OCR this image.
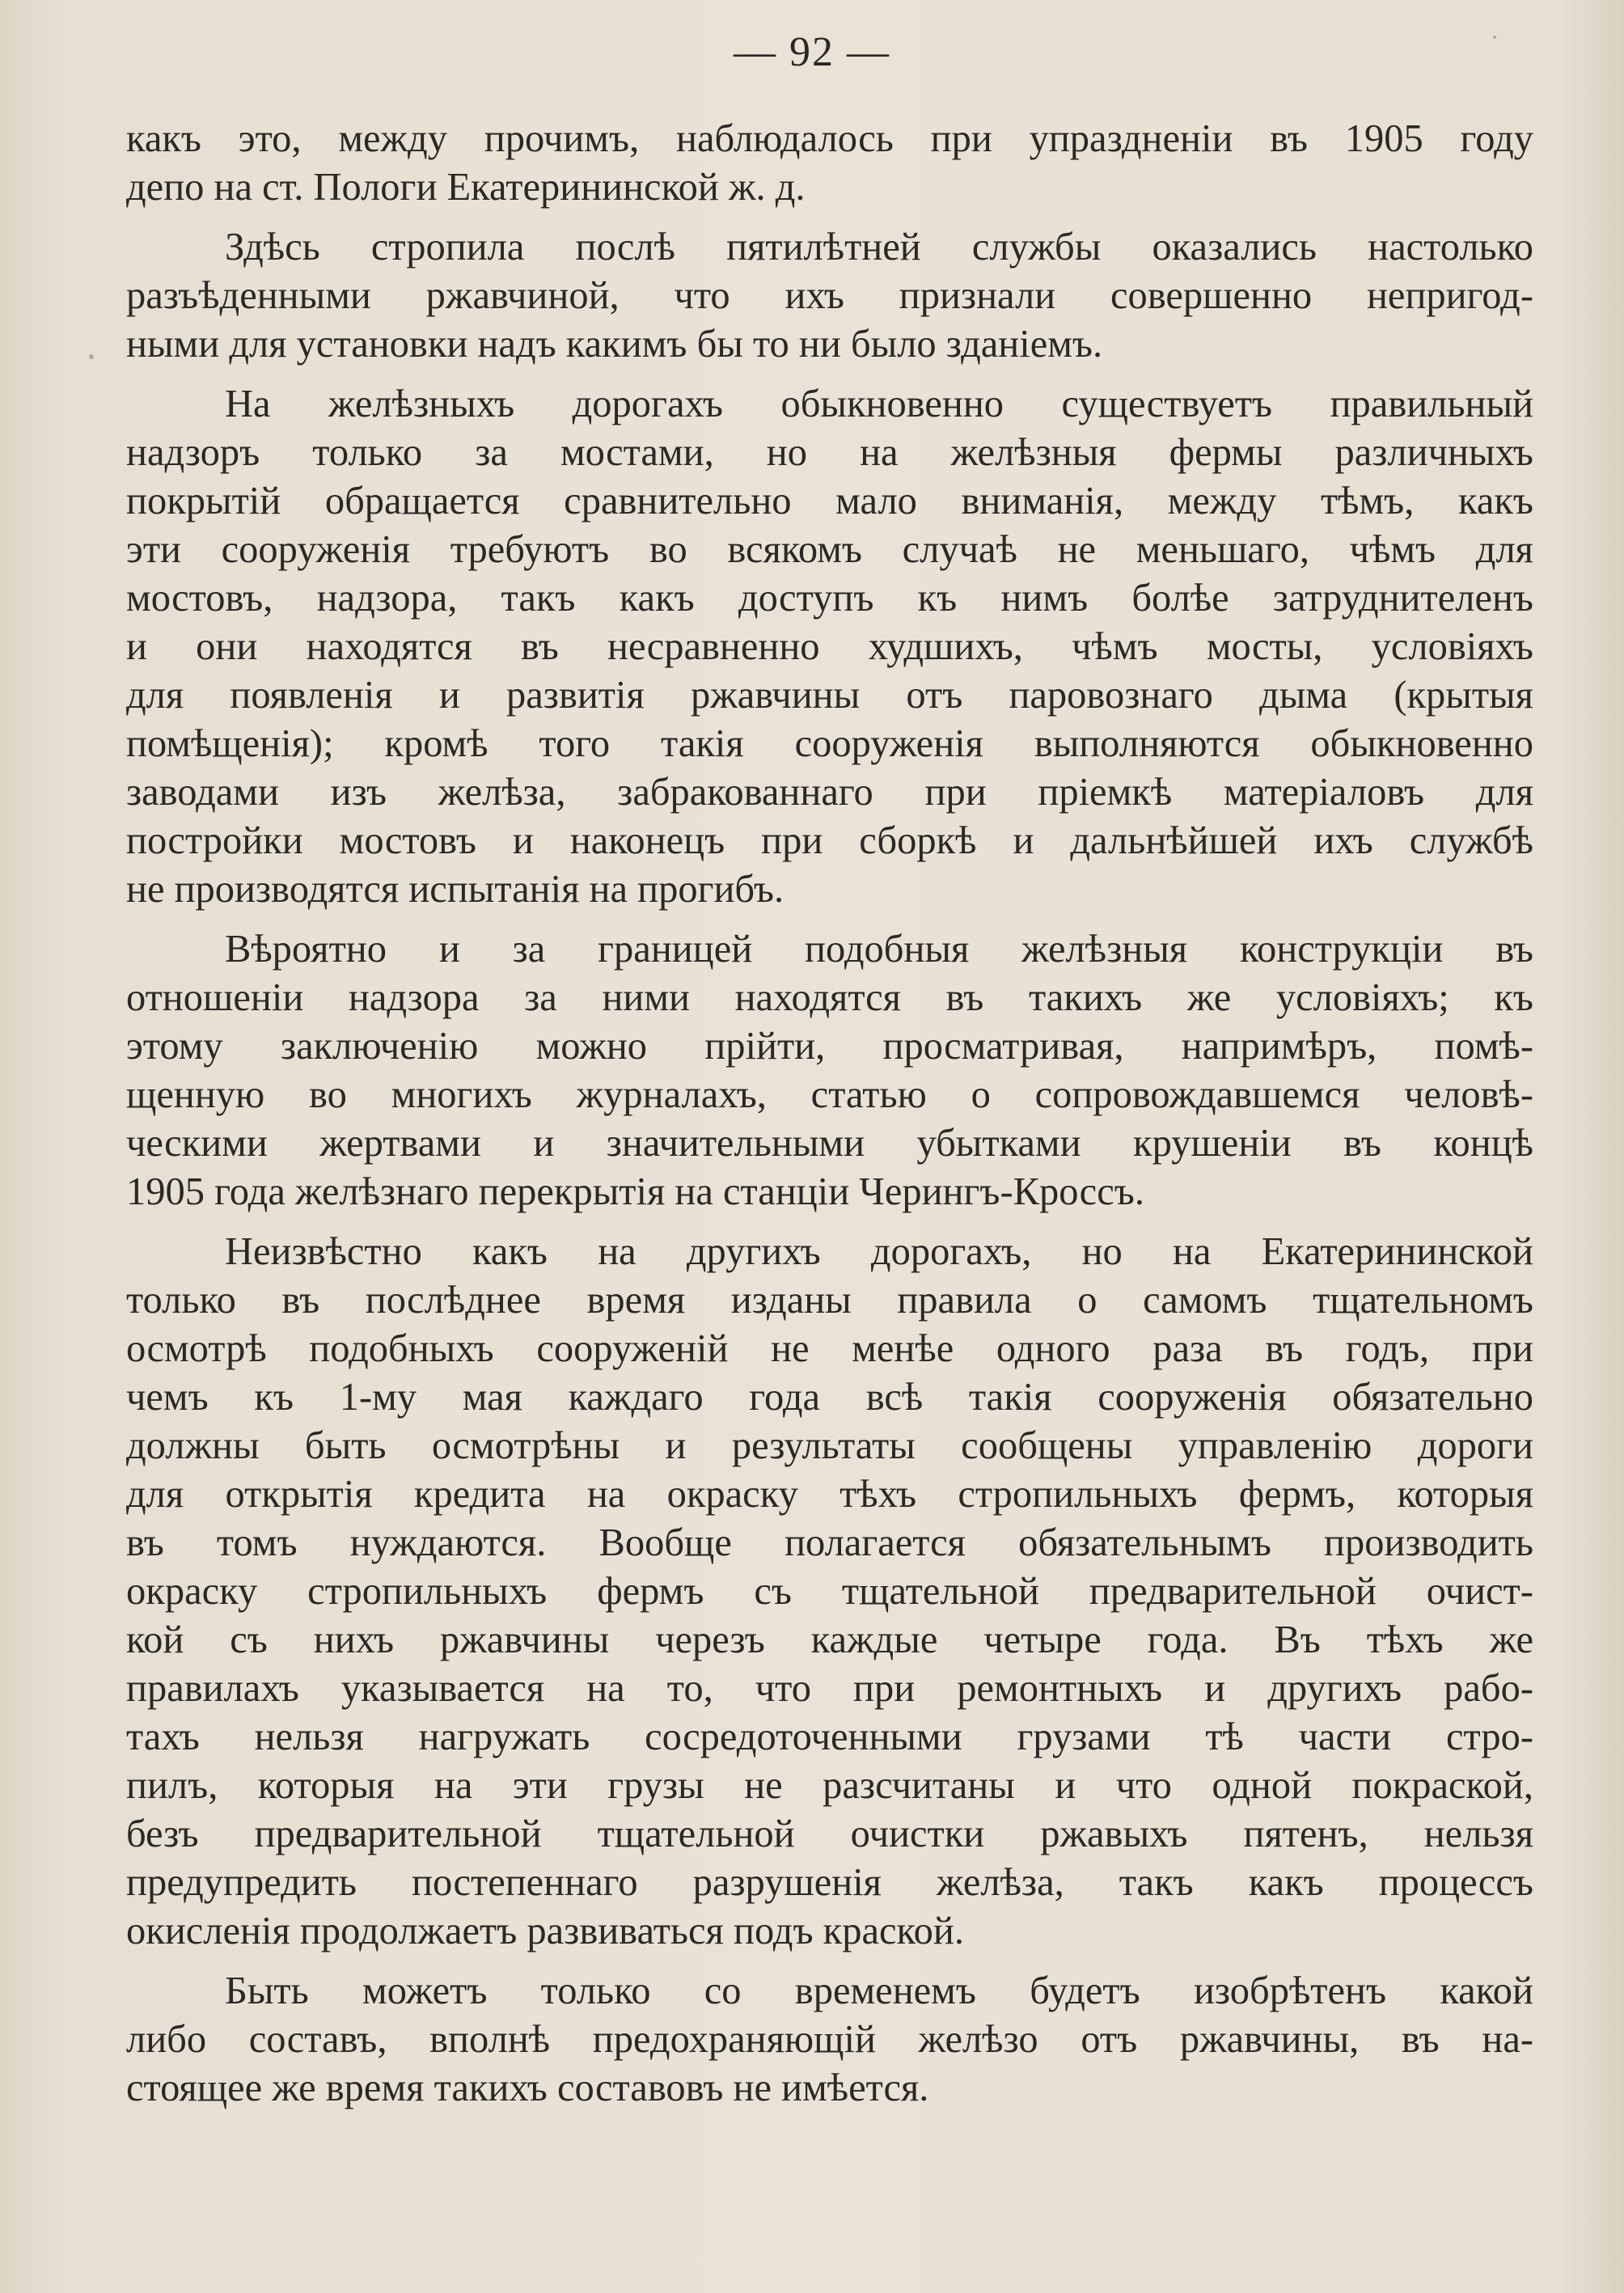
— 92 —
какъ это, между прочимъ, наблюдалось при упраздненіи въ 1905 году
депо на ст. Пологи Екатерининской ж. д.
Здѣсь стропила послѣ пятилѣтней службы оказались настолько
разъѣденными ржавчиной, что ихъ признали совершенно непригод-
ными для установки надъ какимъ бы то ни было зданіемъ.
На желѣзныхъ дорогахъ обыкновенно существуетъ правильный
надзоръ только за мостами, но на желѣзныя фермы различныхъ
покрытій обращается сравнительно мало вниманія, между тѣмъ, какъ
эти сооруженія требуютъ во всякомъ случаѣ не меньшаго, чѣмъ для
мостовъ, надзора, такъ какъ доступъ къ нимъ болѣе затруднителенъ
и они находятся въ несравненно худшихъ, чѣмъ мосты, условіяхъ
для появленія и развитія ржавчины отъ паровознаго дыма (крытыя
помѣщенія); кромѣ того такія сооруженія выполняются обыкновенно
заводами изъ желѣза, забракованнаго при пріемкѣ матеріаловъ для
постройки мостовъ и наконецъ при сборкѣ и дальнѣйшей ихъ службѣ
не производятся испытанія на прогибъ.
Вѣроятно и за границей подобныя желѣзныя конструкціи въ
отношеніи надзора за ними находятся въ такихъ же условіяхъ; къ
этому заключенію можно прійти, просматривая, напримѣръ, помѣ-
щенную во многихъ журналахъ, статью о сопровождавшемся человѣ-
ческими жертвами и значительными убытками крушеніи въ концѣ
1905 года желѣзнаго перекрытія на станціи Черингъ-Кроссъ.
Неизвѣстно какъ на другихъ дорогахъ, но на Екатерининской
только въ послѣднее время изданы правила о самомъ тщательномъ
осмотрѣ подобныхъ сооруженій не менѣе одного раза въ годъ, при
чемъ къ 1-му мая каждаго года всѣ такія сооруженія обязательно
должны быть осмотрѣны и результаты сообщены управленію дороги
для открытія кредита на окраску тѣхъ стропильныхъ фермъ, которыя
въ томъ нуждаются. Вообще полагается обязательнымъ производить
окраску стропильныхъ фермъ съ тщательной предварительной очист-
кой съ нихъ ржавчины черезъ каждые четыре года. Въ тѣхъ же
правилахъ указывается на то, что при ремонтныхъ и другихъ рабо-
тахъ нельзя нагружать сосредоточенными грузами тѣ части стро-
пилъ, которыя на эти грузы не разсчитаны и что одной покраской,
безъ предварительной тщательной очистки ржавыхъ пятенъ, нельзя
предупредить постепеннаго разрушенія желѣза, такъ какъ процессъ
окисленія продолжаетъ развиваться подъ краской.
Быть можетъ только со временемъ будетъ изобрѣтенъ какой
либо составъ, вполнѣ предохраняющій желѣзо отъ ржавчины, въ на-
стоящее же время такихъ составовъ не имѣется.
